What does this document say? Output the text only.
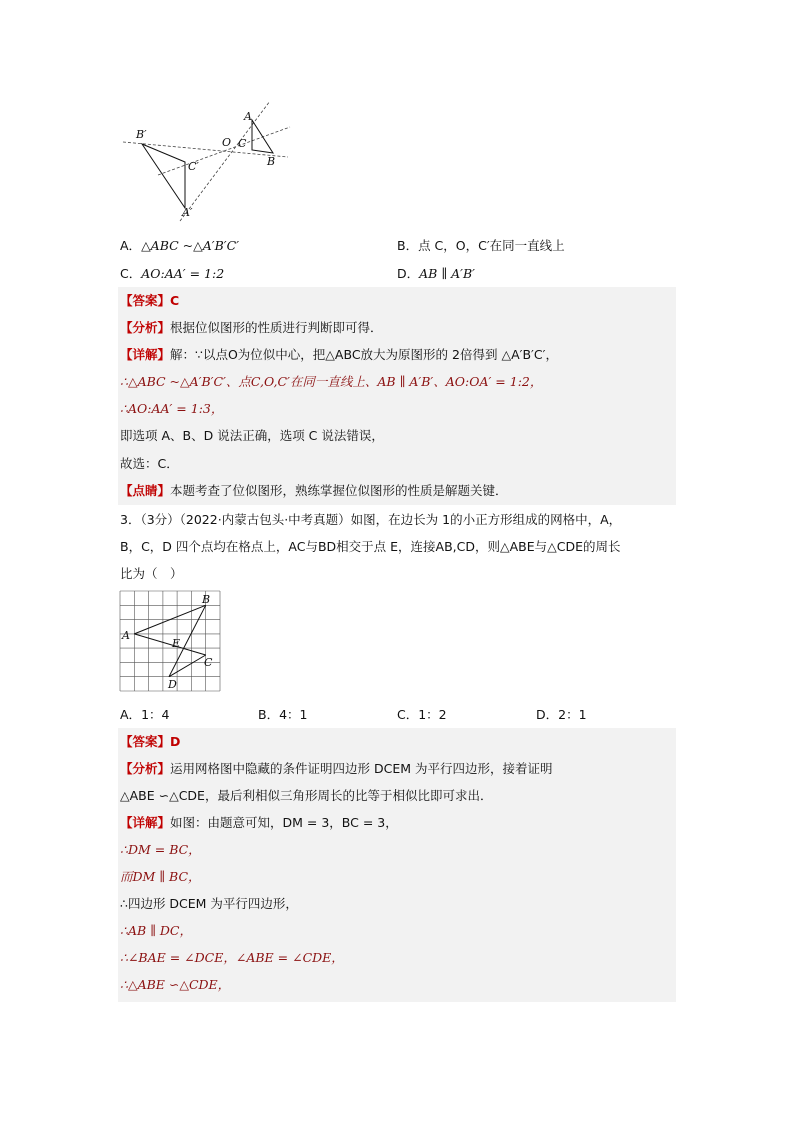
B′
C′
A′
O C
A
B
A．△ABC ~△A′B′C′	B．点 C，O，C′在同一直线上
C．AO:AA′ = 1:2	D．AB ∥ A′B′
【答案】C
【分析】根据位似图形的性质进行判断即可得．
【详解】解：∵以点O为位似中心，把△ABC放大为原图形的 2倍得到 △A′B′C′，
∴△ABC ~△A′B′C′、点C,O,C′在同一直线上、AB ∥ A′B′、AO:OA′ = 1:2，
∴AO:AA′ = 1:3，
即选项 A、B、D 说法正确，选项 C 说法错误，
故选：C．
【点睛】本题考查了位似图形，熟练掌握位似图形的性质是解题关键．
3．（3分）（2022·内蒙古包头·中考真题）如图，在边长为 1的小正方形组成的网格中，A，
B，C，D 四个点均在格点上，AC与BD相交于点 E，连接AB,CD，则△ABE与△CDE的周长
比为（　）
A
B
E
C
D
A．1：4	B．4：1	C．1：2	D．2：1
【答案】D
【分析】运用网格图中隐藏的条件证明四边形 DCEM 为平行四边形，接着证明
△ABE ∽△CDE，最后利相似三角形周长的比等于相似比即可求出．
【详解】如图：由题意可知，DM = 3，BC = 3，
∴DM = BC，
而DM ∥ BC，
∴四边形 DCEM 为平行四边形，
∴AB ∥ DC，
∴∠BAE = ∠DCE，∠ABE = ∠CDE，
∴△ABE ∽△CDE，
